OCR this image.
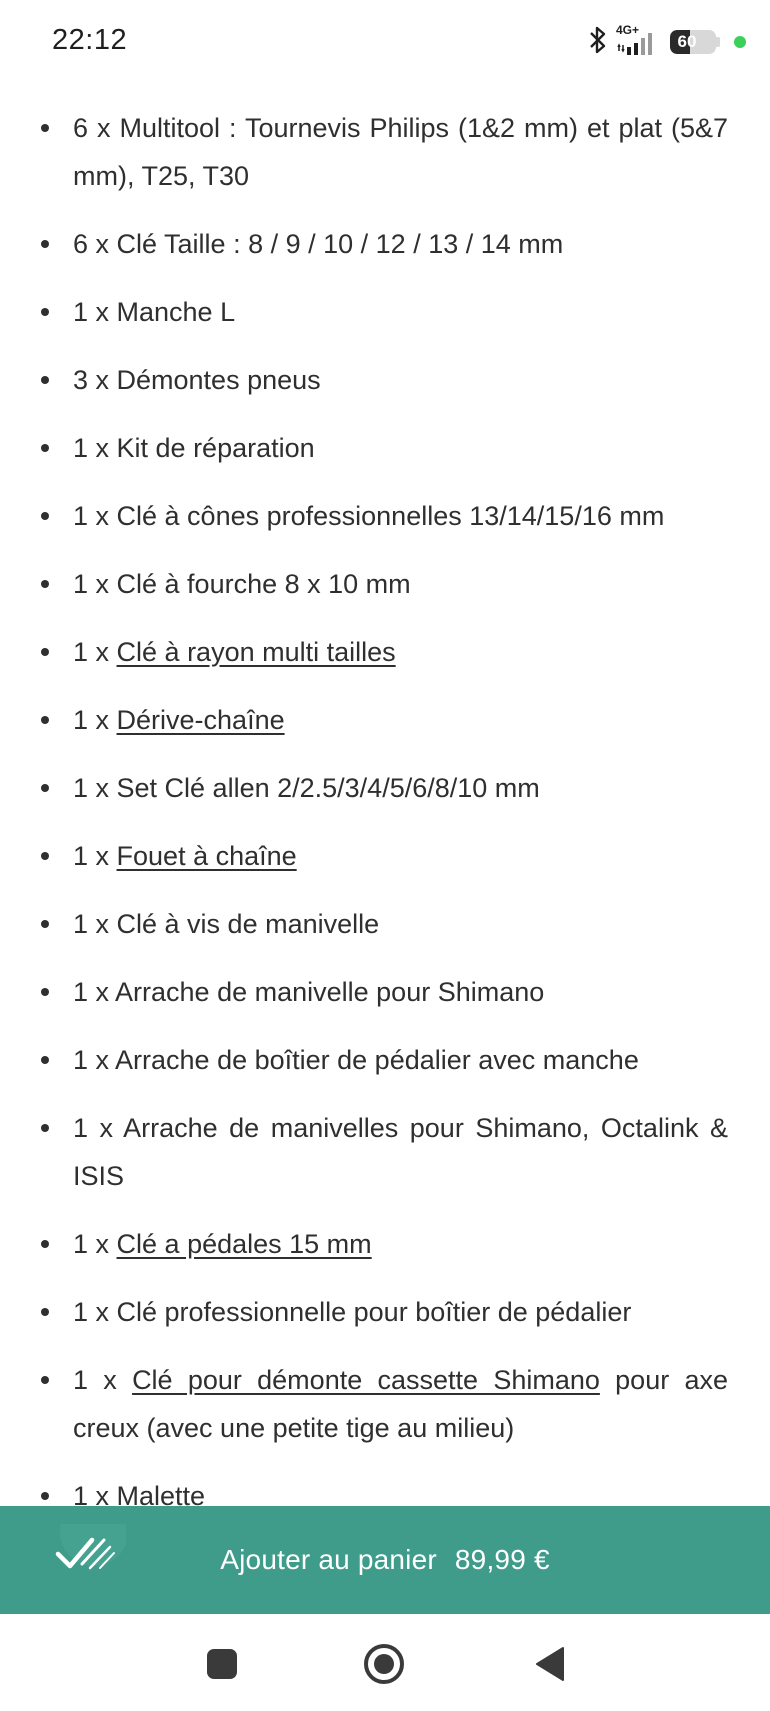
22:12	4G+
60
6 x Multitool : Tournevis Philips (1&2 mm) et plat (5&7 mm), T25, T30
6 x Clé Taille : 8 / 9 / 10 / 12 / 13 / 14 mm
1 x Manche L
3 x Démontes pneus
1 x Kit de réparation
1 x Clé à cônes professionnelles 13/14/15/16 mm
1 x Clé à fourche 8 x 10 mm
1 x Clé à rayon multi tailles
1 x Dérive-chaîne
1 x Set Clé allen 2/2.5/3/4/5/6/8/10 mm
1 x Fouet à chaîne
1 x Clé à vis de manivelle
1 x Arrache de manivelle pour Shimano
1 x Arrache de boîtier de pédalier avec manche
1 x Arrache de manivelles pour Shimano, Octalink & ISIS
1 x Clé a pédales 15 mm
1 x Clé professionnelle pour boîtier de pédalier
1 x Clé pour démonte cassette Shimano pour axe creux (avec une petite tige au milieu)
1 x Malette
Ajouter au panier 89,99 €
